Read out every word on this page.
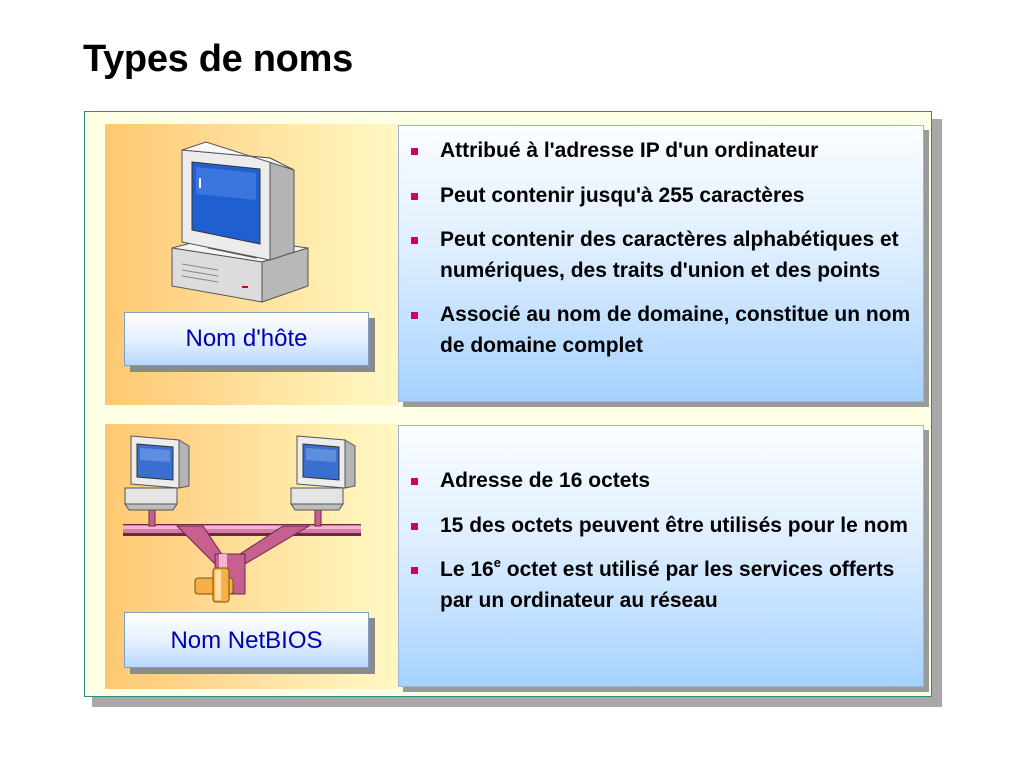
Types de noms
Nom d'hôte
Attribué à l'adresse IP d'un ordinateur
Peut contenir jusqu'à 255 caractères
Peut contenir des caractères alphabétiques et numériques, des traits d'union et des points
Associé au nom de domaine, constitue un nom de domaine complet
Nom NetBIOS
Adresse de 16 octets
15 des octets peuvent être utilisés pour le nom
Le 16e octet est utilisé par les services offerts par un ordinateur au réseau
